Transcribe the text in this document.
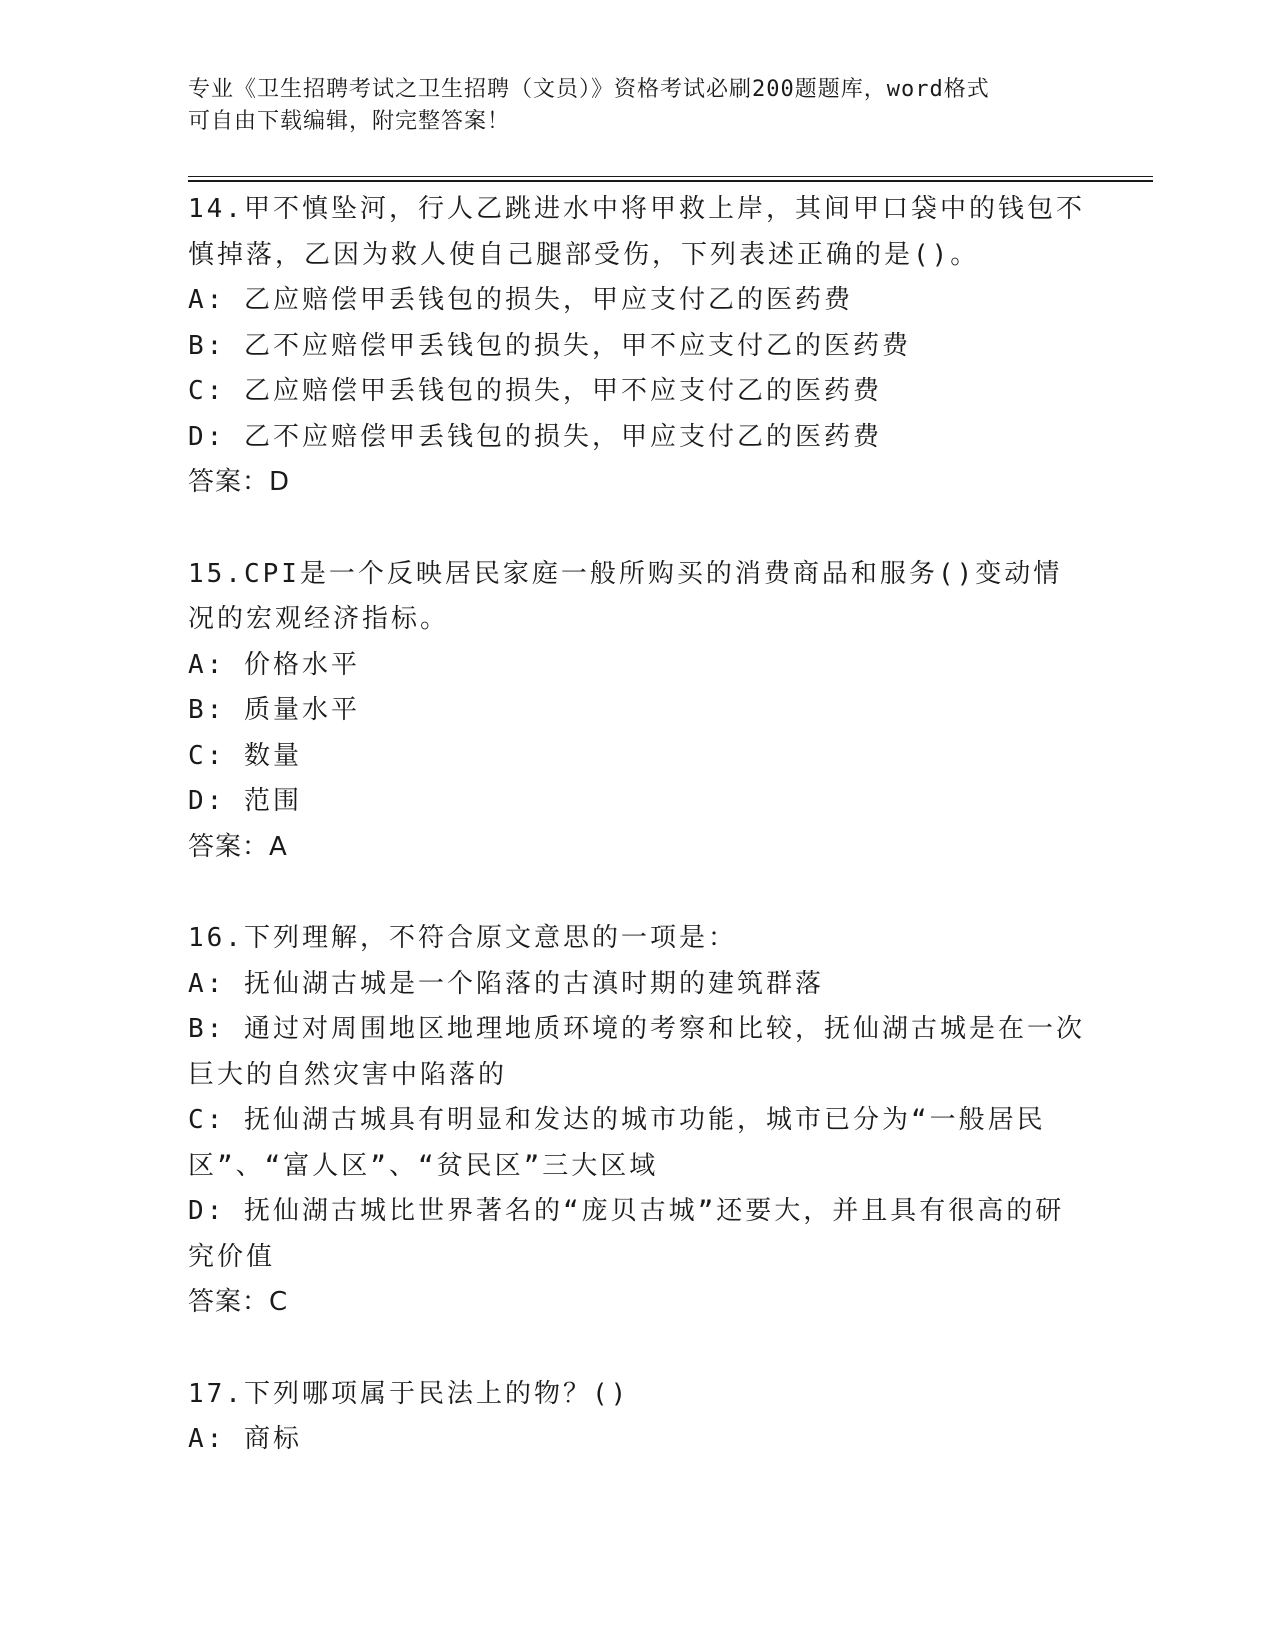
专业《卫生招聘考试之卫生招聘（文员）》资格考试必刷200题题库，word格式
可自由下载编辑，附完整答案！

14.甲不慎坠河，行人乙跳进水中将甲救上岸，其间甲口袋中的钱包不慎掉落，乙因为救人使自己腿部受伤，下列表述正确的是()。

A: 乙应赔偿甲丢钱包的损失，甲应支付乙的医药费

B: 乙不应赔偿甲丢钱包的损失，甲不应支付乙的医药费

C: 乙应赔偿甲丢钱包的损失，甲不应支付乙的医药费

D: 乙不应赔偿甲丢钱包的损失，甲应支付乙的医药费

答案：D

15.CPI是一个反映居民家庭一般所购买的消费商品和服务()变动情况的宏观经济指标。

A: 价格水平

B: 质量水平

C: 数量

D: 范围

答案：A

16.下列理解，不符合原文意思的一项是：

A: 抚仙湖古城是一个陷落的古滇时期的建筑群落

B: 通过对周围地区地理地质环境的考察和比较，抚仙湖古城是在一次巨大的自然灾害中陷落的

C: 抚仙湖古城具有明显和发达的城市功能，城市已分为“一般居民区”、“富人区”、“贫民区”三大区域

D: 抚仙湖古城比世界著名的“庞贝古城”还要大，并且具有很高的研究价值

答案：C

17.下列哪项属于民法上的物？()

A: 商标
